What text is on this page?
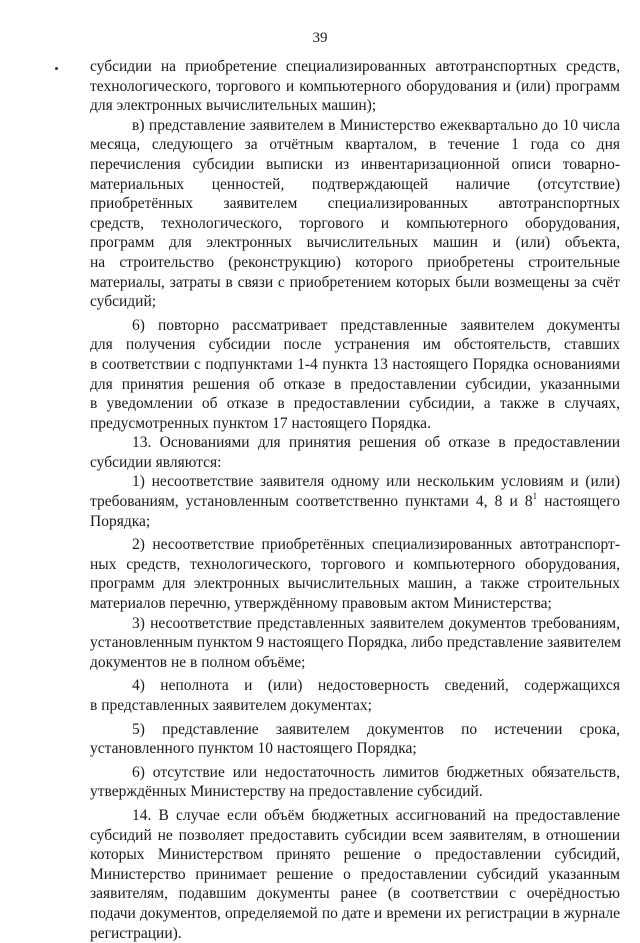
39
субсидии на приобретение специализированных автотранспортных средств,
технологического, торгового и компьютерного оборудования и (или) программ
для электронных вычислительных машин);
в) представление заявителем в Министерство ежеквартально до 10 числа
месяца, следующего за отчётным кварталом, в течение 1 года со дня
перечисления субсидии выписки из инвентаризационной описи товарно-
материальных ценностей, подтверждающей наличие (отсутствие)
приобретённых заявителем специализированных автотранспортных
средств, технологического, торгового и компьютерного оборудования,
программ для электронных вычислительных машин и (или) объекта,
на строительство (реконструкцию) которого приобретены строительные
материалы, затраты в связи с приобретением которых были возмещены за счёт
субсидий;
6) повторно рассматривает представленные заявителем документы
для получения субсидии после устранения им обстоятельств, ставших
в соответствии с подпунктами 1-4 пункта 13 настоящего Порядка основаниями
для принятия решения об отказе в предоставлении субсидии, указанными
в уведомлении об отказе в предоставлении субсидии, а также в случаях,
предусмотренных пунктом 17 настоящего Порядка.
13. Основаниями для принятия решения об отказе в предоставлении
субсидии являются:
1) несоответствие заявителя одному или нескольким условиям и (или)
требованиям, установленным соответственно пунктами 4, 8 и $8^1$ настоящего
Порядка;
2) несоответствие приобретённых специализированных автотранспорт-
ных средств, технологического, торгового и компьютерного оборудования,
программ для электронных вычислительных машин, а также строительных
материалов перечню, утверждённому правовым актом Министерства;
3) несоответствие представленных заявителем документов требованиям,
установленным пунктом 9 настоящего Порядка, либо представление заявителем
документов не в полном объёме;
4) неполнота и (или) недостоверность сведений, содержащихся
в представленных заявителем документах;
5) представление заявителем документов по истечении срока,
установленного пунктом 10 настоящего Порядка;
6) отсутствие или недостаточность лимитов бюджетных обязательств,
утверждённых Министерству на предоставление субсидий.
14. В случае если объём бюджетных ассигнований на предоставление
субсидий не позволяет предоставить субсидии всем заявителям, в отношении
которых Министерством принято решение о предоставлении субсидий,
Министерство принимает решение о предоставлении субсидий указанным
заявителям, подавшим документы ранее (в соответствии с очерёдностью
подачи документов, определяемой по дате и времени их регистрации в журнале
регистрации).
